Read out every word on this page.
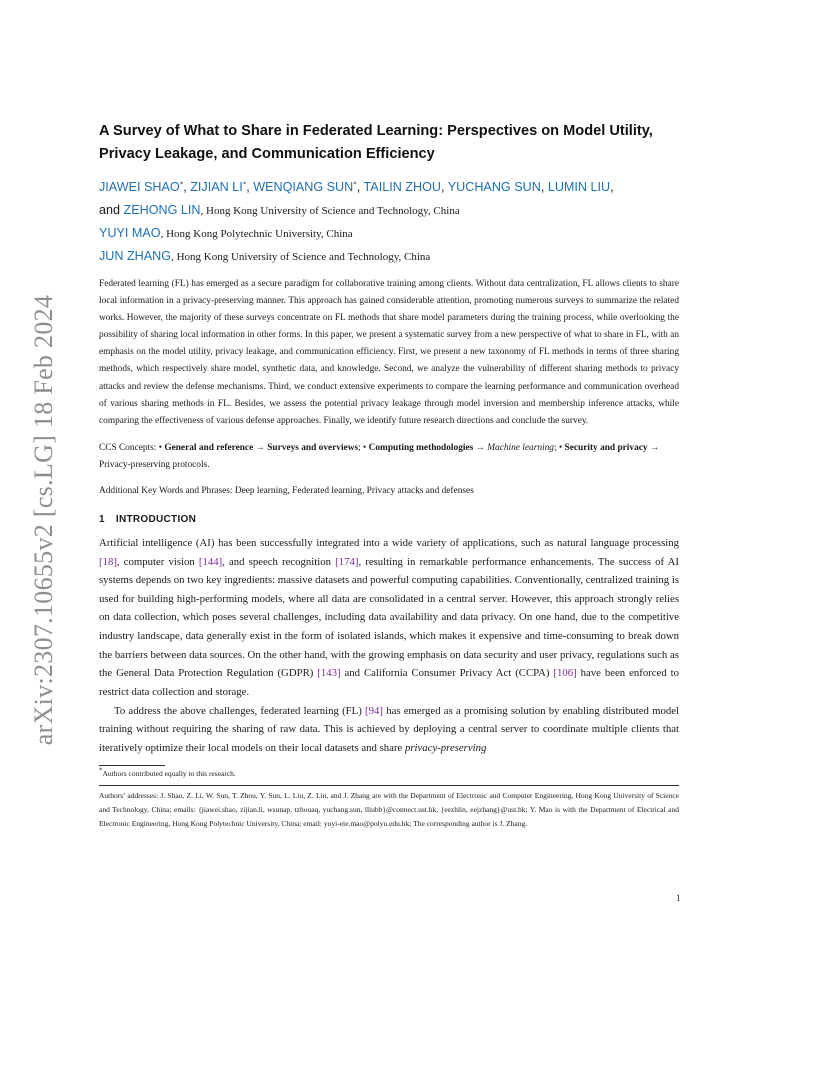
arXiv:2307.10655v2 [cs.LG] 18 Feb 2024
A Survey of What to Share in Federated Learning: Perspectives on Model Utility, Privacy Leakage, and Communication Efficiency
JIAWEI SHAO*, ZIJIAN LI*, WENQIANG SUN*, TAILIN ZHOU, YUCHANG SUN, LUMIN LIU,
and ZEHONG LIN, Hong Kong University of Science and Technology, China
YUYI MAO, Hong Kong Polytechnic University, China
JUN ZHANG, Hong Kong University of Science and Technology, China

Federated learning (FL) has emerged as a secure paradigm for collaborative training among clients. Without data centralization, FL allows clients to share local information in a privacy-preserving manner. This approach has gained considerable attention, promoting numerous surveys to summarize the related works. However, the majority of these surveys concentrate on FL methods that share model parameters during the training process, while overlooking the possibility of sharing local information in other forms. In this paper, we present a systematic survey from a new perspective of what to share in FL, with an emphasis on the model utility, privacy leakage, and communication efficiency. First, we present a new taxonomy of FL methods in terms of three sharing methods, which respectively share model, synthetic data, and knowledge. Second, we analyze the vulnerability of different sharing methods to privacy attacks and review the defense mechanisms. Third, we conduct extensive experiments to compare the learning performance and communication overhead of various sharing methods in FL. Besides, we assess the potential privacy leakage through model inversion and membership inference attacks, while comparing the effectiveness of various defense approaches. Finally, we identify future research directions and conclude the survey.

CCS Concepts: • General and reference → Surveys and overviews; • Computing methodologies → Machine learning; • Security and privacy → Privacy-preserving protocols.
Additional Key Words and Phrases: Deep learning, Federated learning, Privacy attacks and defenses
1 INTRODUCTION

Artificial intelligence (AI) has been successfully integrated into a wide variety of applications, such as natural language processing [18], computer vision [144], and speech recognition [174], resulting in remarkable performance enhancements. The success of AI systems depends on two key ingredients: massive datasets and powerful computing capabilities. Conventionally, centralized training is used for building high-performing models, where all data are consolidated in a central server. However, this approach strongly relies on data collection, which poses several challenges, including data availability and data privacy. On one hand, due to the competitive industry landscape, data generally exist in the form of isolated islands, which makes it expensive and time-consuming to break down the barriers between data sources. On the other hand, with the growing emphasis on data security and user privacy, regulations such as the General Data Protection Regulation (GDPR) [143] and California Consumer Privacy Act (CCPA) [106] have been enforced to restrict data collection and storage.

To address the above challenges, federated learning (FL) [94] has emerged as a promising solution by enabling distributed model training without requiring the sharing of raw data. This is achieved by deploying a central server to coordinate multiple clients that iteratively optimize their local models on their local datasets and share privacy-preserving

*Authors contributed equally to this research.

Authors’ addresses: J. Shao, Z. Li, W. Sun, T. Zhou, Y. Sun, L. Liu, Z. Lin, and J. Zhang are with the Department of Electronic and Computer Engineering, Hong Kong University of Science and Technology, China; emails: {jiawei.shao, zijian.li, wsunap, tzhouaq, yuchang.sun, lliubb}@connect.ust.hk, {eezhlin, eejzhang}@ust.hk; Y. Mao is with the Department of Electrical and Electronic Engineering, Hong Kong Polytechnic University, China; email: yuyi-eie.mao@polyu.edu.hk; The corresponding author is J. Zhang.

1
